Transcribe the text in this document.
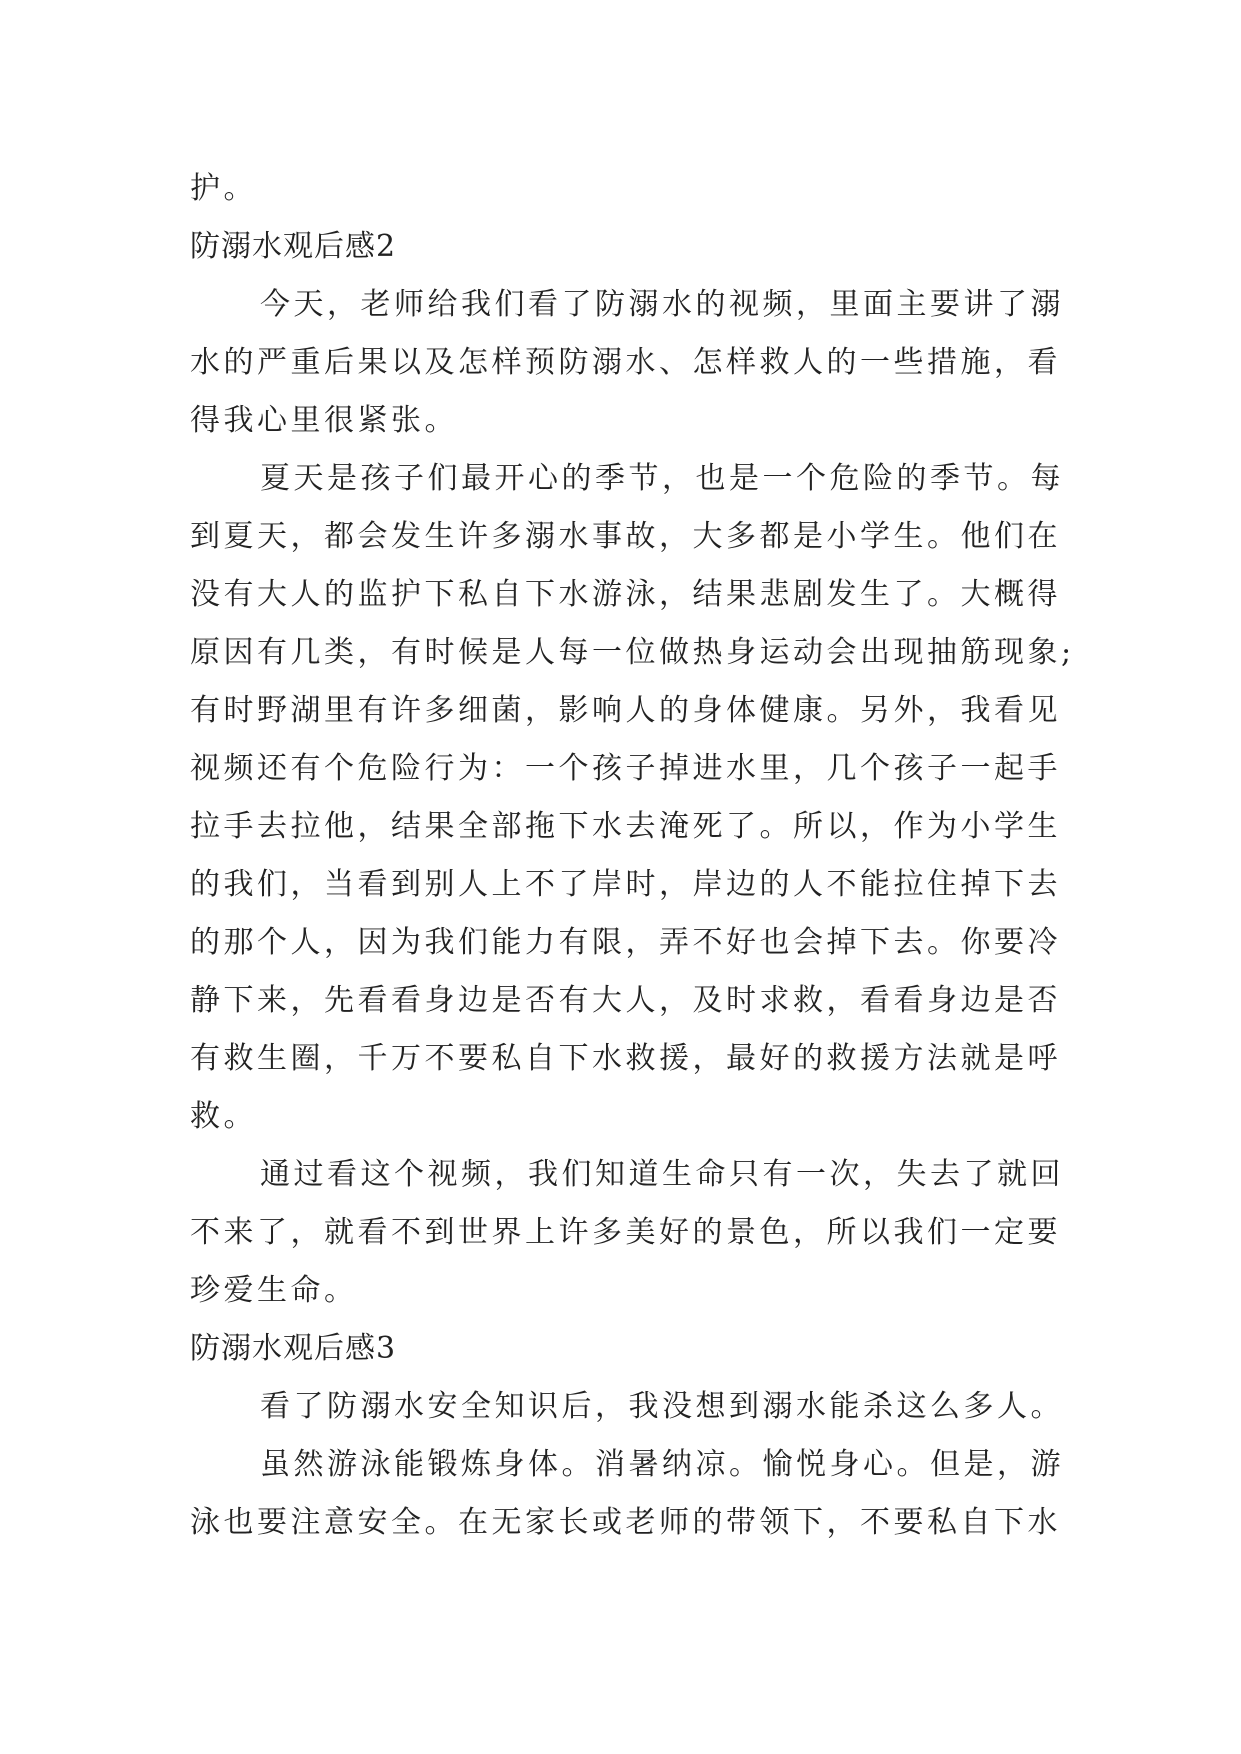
护。
防溺水观后感2
今天，老师给我们看了防溺水的视频，里面主要讲了溺
水的严重后果以及怎样预防溺水、怎样救人的一些措施，看
得我心里很紧张。
夏天是孩子们最开心的季节，也是一个危险的季节。每
到夏天，都会发生许多溺水事故，大多都是小学生。他们在
没有大人的监护下私自下水游泳，结果悲剧发生了。大概得
原因有几类，有时候是人每一位做热身运动会出现抽筋现象;
有时野湖里有许多细菌，影响人的身体健康。另外，我看见
视频还有个危险行为：一个孩子掉进水里，几个孩子一起手
拉手去拉他，结果全部拖下水去淹死了。所以，作为小学生
的我们，当看到别人上不了岸时，岸边的人不能拉住掉下去
的那个人，因为我们能力有限，弄不好也会掉下去。你要冷
静下来，先看看身边是否有大人，及时求救，看看身边是否
有救生圈，千万不要私自下水救援，最好的救援方法就是呼
救。
通过看这个视频，我们知道生命只有一次，失去了就回
不来了，就看不到世界上许多美好的景色，所以我们一定要
珍爱生命。
防溺水观后感3
看了防溺水安全知识后，我没想到溺水能杀这么多人。
虽然游泳能锻炼身体。消暑纳凉。愉悦身心。但是，游
泳也要注意安全。在无家长或老师的带领下，不要私自下水
